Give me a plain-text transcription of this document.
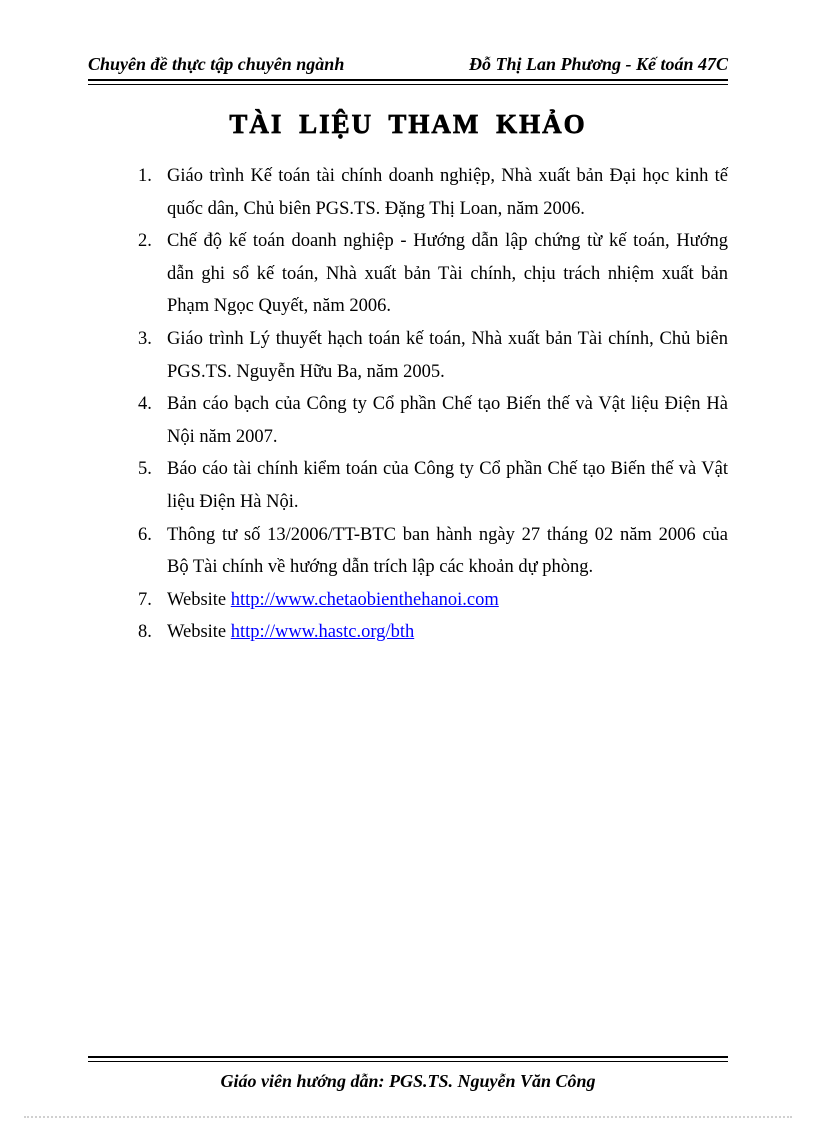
Chuyên đề thực tập chuyên ngành	Đỗ Thị Lan Phương - Kế toán 47C
TÀI LIỆU THAM KHẢO
1. Giáo trình Kế toán tài chính doanh nghiệp, Nhà xuất bản Đại học kinh tế quốc dân, Chủ biên PGS.TS. Đặng Thị Loan, năm 2006.
2. Chế độ kế toán doanh nghiệp - Hướng dẫn lập chứng từ kế toán, Hướng dẫn ghi sổ kế toán, Nhà xuất bản Tài chính, chịu trách nhiệm xuất bản Phạm Ngọc Quyết, năm 2006.
3. Giáo trình Lý thuyết hạch toán kế toán, Nhà xuất bản Tài chính, Chủ biên PGS.TS. Nguyễn Hữu Ba, năm 2005.
4. Bản cáo bạch của Công ty Cổ phần Chế tạo Biến thế và Vật liệu Điện Hà Nội năm 2007.
5. Báo cáo tài chính kiểm toán của Công ty Cổ phần Chế tạo Biến thế và Vật liệu Điện Hà Nội.
6. Thông tư số 13/2006/TT-BTC ban hành ngày 27 tháng 02 năm 2006 của Bộ Tài chính về hướng dẫn trích lập các khoản dự phòng.
7. Website http://www.chetaobienthehanoi.com
8. Website http://www.hastc.org/bth
Giáo viên hướng dẫn: PGS.TS. Nguyễn Văn Công
